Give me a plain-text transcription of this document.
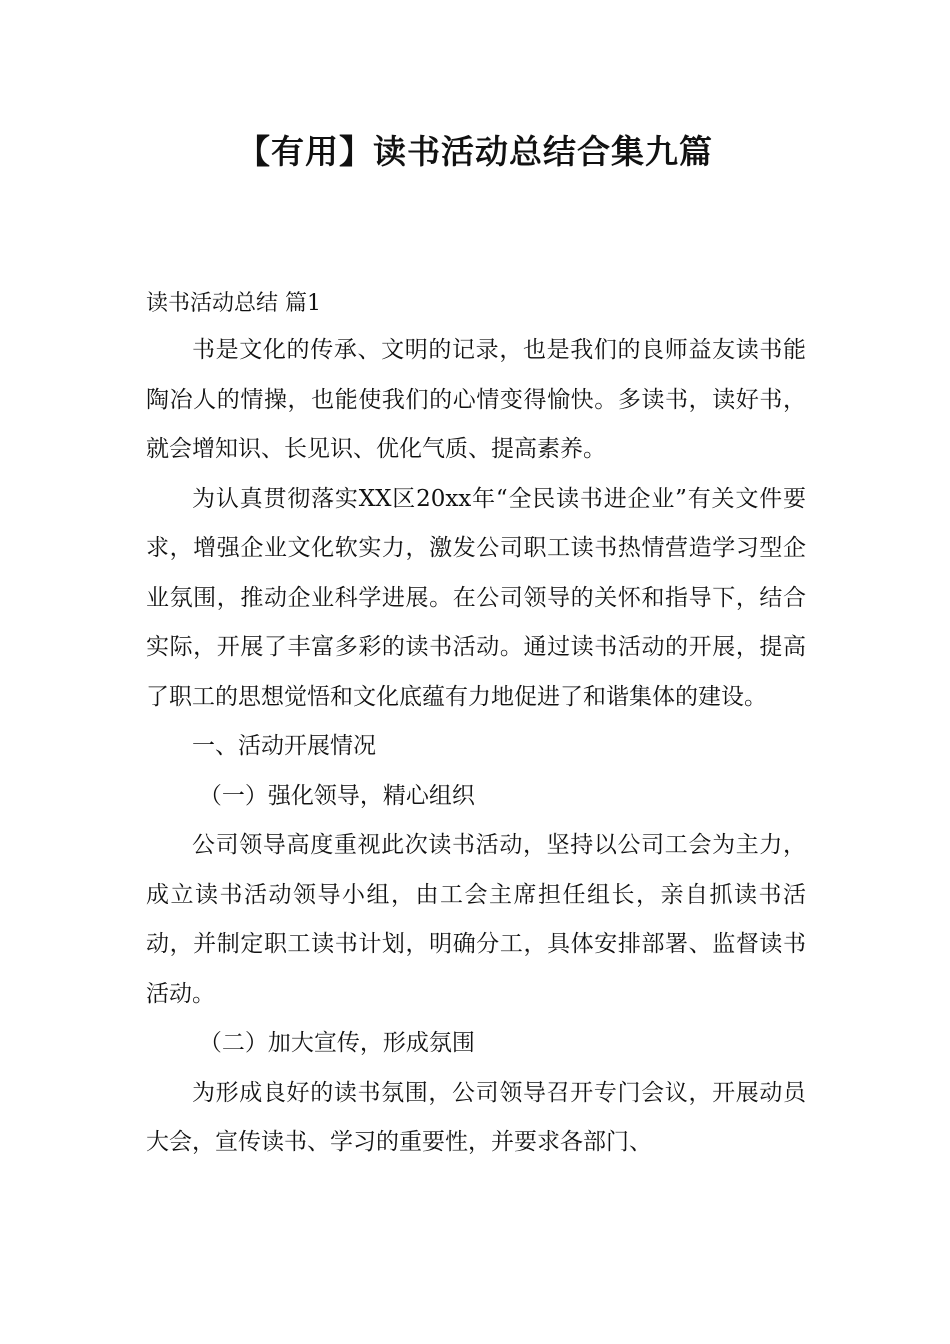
【有用】读书活动总结合集九篇
读书活动总结 篇1

书是文化的传承、文明的记录，也是我们的良师益友读书能陶冶人的情操，也能使我们的心情变得愉快。多读书，读好书，就会增知识、长见识、优化气质、提高素养。

为认真贯彻落实XX区20xx年“全民读书进企业”有关文件要求，增强企业文化软实力，激发公司职工读书热情营造学习型企业氛围，推动企业科学进展。在公司领导的关怀和指导下，结合实际，开展了丰富多彩的读书活动。通过读书活动的开展，提高了职工的思想觉悟和文化底蕴有力地促进了和谐集体的建设。

一、活动开展情况

（一）强化领导，精心组织

公司领导高度重视此次读书活动，坚持以公司工会为主力，成立读书活动领导小组，由工会主席担任组长，亲自抓读书活动，并制定职工读书计划，明确分工，具体安排部署、监督读书活动。

（二）加大宣传，形成氛围

为形成良好的读书氛围，公司领导召开专门会议，开展动员大会，宣传读书、学习的重要性，并要求各部门、
